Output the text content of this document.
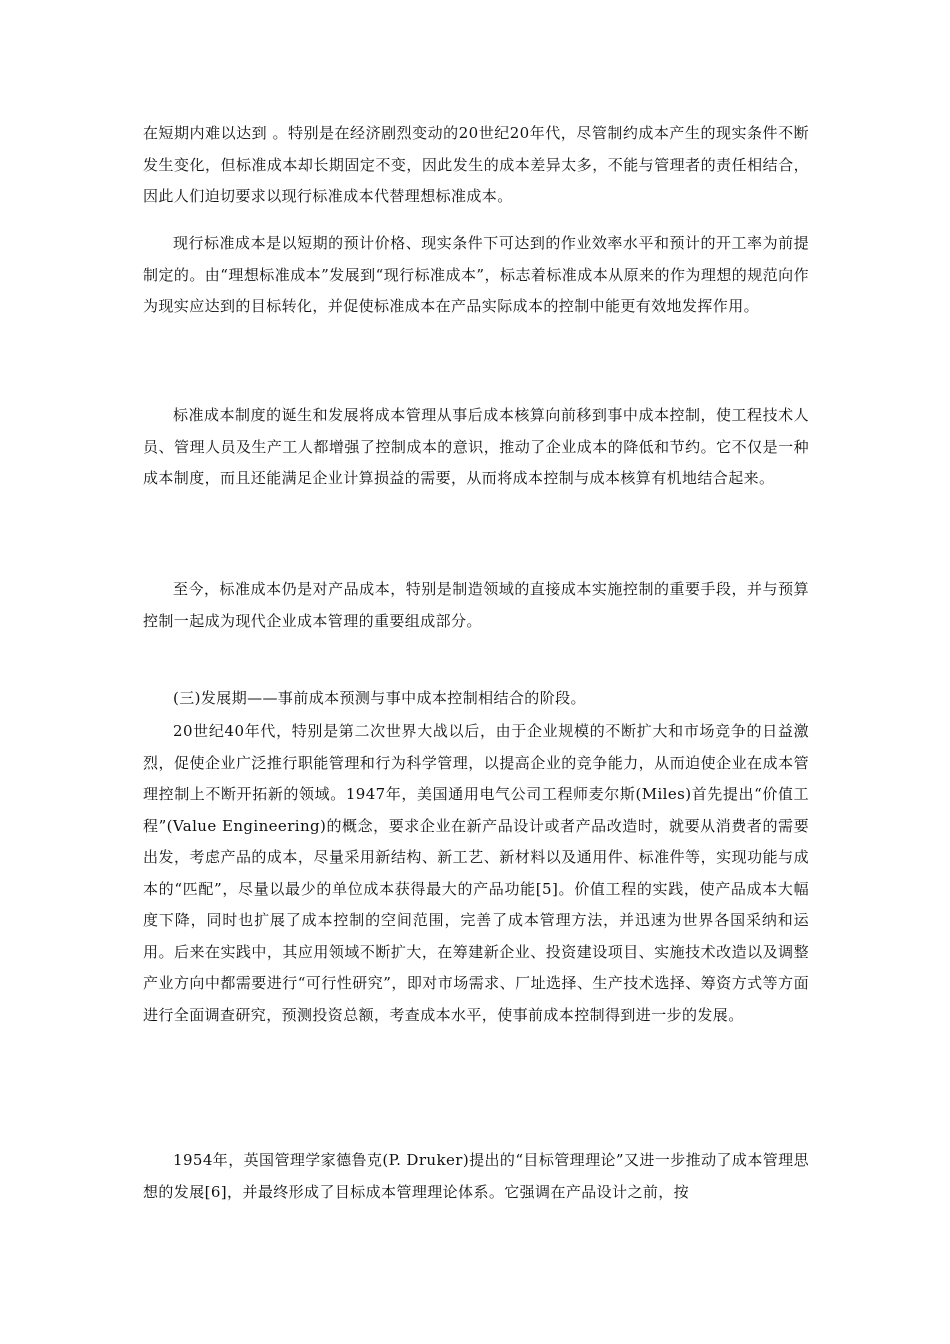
在短期内难以达到 。特别是在经济剧烈变动的20世纪20年代，尽管制约成本产生的现实条件不断发生变化，但标准成本却长期固定不变，因此发生的成本差异太多，不能与管理者的责任相结合，因此人们迫切要求以现行标准成本代替理想标准成本。

现行标准成本是以短期的预计价格、现实条件下可达到的作业效率水平和预计的开工率为前提制定的。由“理想标准成本”发展到“现行标准成本”，标志着标准成本从原来的作为理想的规范向作为现实应达到的目标转化，并促使标准成本在产品实际成本的控制中能更有效地发挥作用。

标准成本制度的诞生和发展将成本管理从事后成本核算向前移到事中成本控制，使工程技术人员、管理人员及生产工人都增强了控制成本的意识，推动了企业成本的降低和节约。它不仅是一种成本制度，而且还能满足企业计算损益的需要，从而将成本控制与成本核算有机地结合起来。

至今，标准成本仍是对产品成本，特别是制造领域的直接成本实施控制的重要手段，并与预算控制一起成为现代企业成本管理的重要组成部分。

(三)发展期——事前成本预测与事中成本控制相结合的阶段。

20世纪40年代，特别是第二次世界大战以后，由于企业规模的不断扩大和市场竞争的日益激烈，促使企业广泛推行职能管理和行为科学管理，以提高企业的竞争能力，从而迫使企业在成本管理控制上不断开拓新的领域。1947年，美国通用电气公司工程师麦尔斯(Miles)首先提出“价值工程”(Value Engineering)的概念，要求企业在新产品设计或者产品改造时，就要从消费者的需要出发，考虑产品的成本，尽量采用新结构、新工艺、新材料以及通用件、标准件等，实现功能与成本的“匹配”，尽量以最少的单位成本获得最大的产品功能[5]。价值工程的实践，使产品成本大幅度下降，同时也扩展了成本控制的空间范围，完善了成本管理方法，并迅速为世界各国采纳和运用。后来在实践中，其应用领域不断扩大，在筹建新企业、投资建设项目、实施技术改造以及调整产业方向中都需要进行“可行性研究”，即对市场需求、厂址选择、生产技术选择、筹资方式等方面进行全面调查研究，预测投资总额，考查成本水平，使事前成本控制得到进一步的发展。

1954年，英国管理学家德鲁克(P. Druker)提出的“目标管理理论”又进一步推动了成本管理思想的发展[6]，并最终形成了目标成本管理理论体系。它强调在产品设计之前，按
